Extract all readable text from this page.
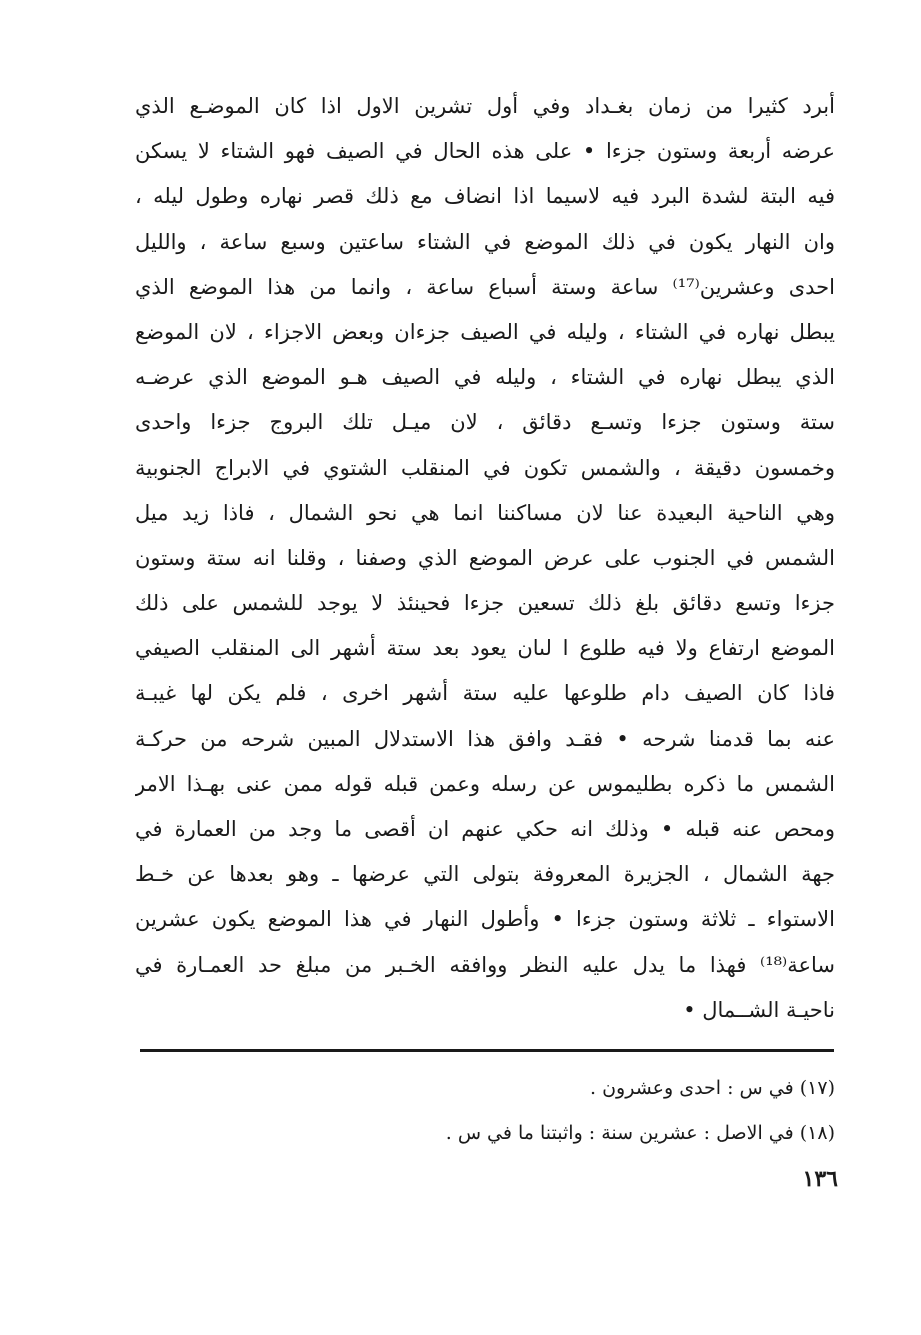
أبرد كثيرا من زمان بغـداد وفي أول تشرين الاول اذا كان الموضـع الذي
عرضه أربعة وستون جزءا • على هذه الحال في الصيف فهو الشتاء لا يسكن
فيه البتة لشدة البرد فيه لاسيما اذا انضاف مع ذلك قصر نهاره وطول ليله ،
وان النهار يكون في ذلك الموضع في الشتاء ساعتين وسبع ساعة ، والليل
احدى وعشرين⁽¹⁷⁾ ساعة وستة أسباع ساعة ، وانما من هذا الموضع الذي
يبطل نهاره في الشتاء ، وليله في الصيف جزءان وبعض الاجزاء ، لان الموضع
الذي يبطل نهاره في الشتاء ، وليله في الصيف هـو الموضع الذي عرضـه
ستة وستون جزءا وتسـع دقائق ، لان ميـل تلك البروج جزءا واحدى
وخمسون دقيقة ، والشمس تكون في المنقلب الشتوي في الابراج الجنوبية
وهي الناحية البعيدة عنا لان مساكننا انما هي نحو الشمال ، فاذا زيد ميل
الشمس في الجنوب على عرض الموضع الذي وصفنا ، وقلنا انه ستة وستون
جزءا وتسع دقائق بلغ ذلك تسعين جزءا فحينئذ لا يوجد للشمس على ذلك
الموضع ارتفاع ولا فيه طلوع ا لىان يعود بعد ستة أشهر الى المنقلب الصيفي
فاذا كان الصيف دام طلوعها عليه ستة أشهر اخرى ، فلم يكن لها غيبـة
عنه بما قدمنا شرحه • فقـد وافق هذا الاستدلال المبين شرحه من حركـة
الشمس ما ذكره بطليموس عن رسله وعمن قبله قوله ممن عنى بهـذا الامر
ومحص عنه قبله • وذلك انه حكي عنهم ان أقصى ما وجد من العمارة في
جهة الشمال ، الجزيرة المعروفة بتولى التي عرضها ـ وهو بعدها عن خـط
الاستواء ـ ثلاثة وستون جزءا • وأطول النهار في هذا الموضع يكون عشرين
ساعة⁽¹⁸⁾ فهذا ما يدل عليه النظر ووافقه الخـبر من مبلغ حد العمـارة في
ناحيـة الشــمال •
(١٧) في س : احدى وعشرون .
(١٨) في الاصل : عشرين سنة : واثبتنا ما في س .
١٣٦
